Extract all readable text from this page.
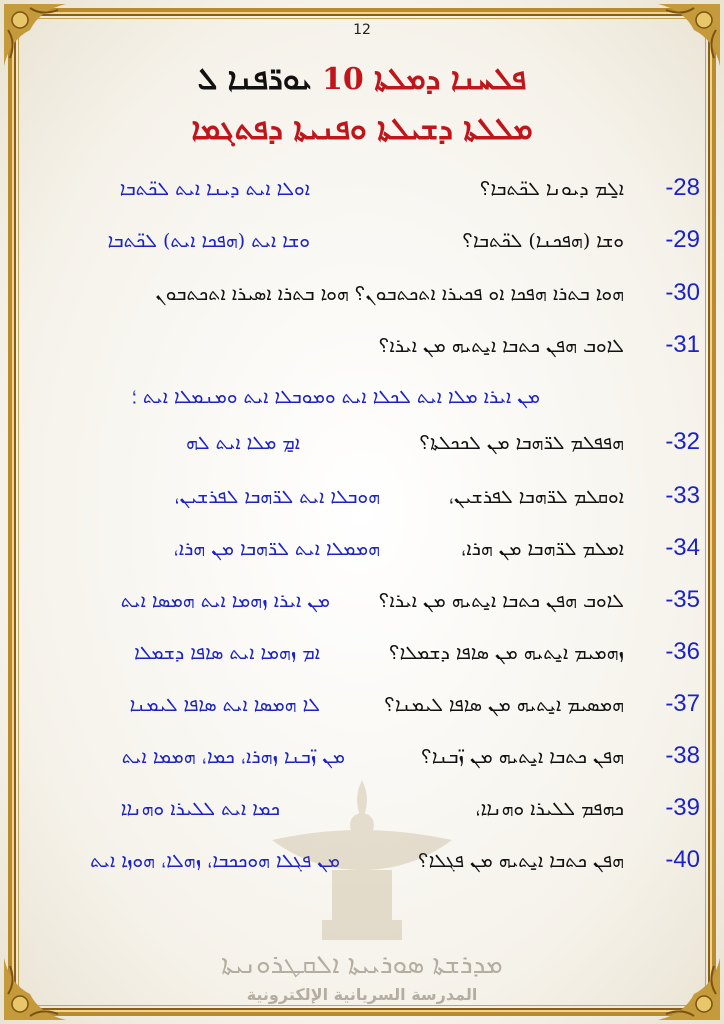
12
ܦܠܚܢܐ ܕܡܠܬܐ 10 ܝܘܪ̈ܦܢܐ ܠ
ܡܠܠܬܐ ܕܫܝܠܬܐ ܘܦܢܝܬܐ ܕܦܬܓܡܐ
-28
ܐ̱ܠܡ ܕܝܘܢܐ ܠܟ̈ܬܒܐ؟
ܐܘܠܐ ܐܝܬ ܕܝܢܐ ܐܝܬ ܠܟ̈ܬܒܐ
-29
ܘܫܐ (ܗܦܟܢܐ) ܠܟ̈ܬܒܐ؟
ܘܫܐ ܐܝܬ (ܗܦܟܐ ܐܝܬ) ܠܟ̈ܬܒܐ
-30
ܗܘܐ ܒܬܪܐ ܗܦܟܐ ܐܘ ܦܟܝܪܐ ܐܬܟܬܒܘܢ؟ ܗܘܐ ܒܬܪܐ ܐܣܝܪܐ ܐܬܟܬܒܘܢ
-31
ܠܐܘܒ ܗܦܢ ܟܬܒܐ ܐ̱ܝܬܝܗ ܡܢ ܐܝܪܐ؟
ܡܢ ܐܝܪܐ ܡܠܐ ܐܝܬ ܠܟܠܐ ܐܝܬ ܘܡܘܒܠܐ ܐܝܬ ܘܡܢܡܠܐ ܐܝܬ ؛
-32
ܗܦܦܠܡ ܠܪ̈ܗܒܐ ܡܢ ܠܟܟܠܬܐ؟
ܐ̱ܡ ܡܠܐ ܐܝܬ ܠܗ
-33
ܐܘܩܠܡ ܠܪ̈ܗܒܐ ܠܦܪܫܝܢ،
ܗܘܒܠܐ ܐܝܬ ܠܪ̈ܗܒܐ ܠܦܪܫܝܢ،
-34
ܐܡܠܡ ܠܪ̈ܗܒܐ ܡܢ ܗܪܐ،
ܗܡܡܠܐ ܐܝܬ ܠܪ̈ܗܒܐ ܡܢ ܗܪܐ،
-35
ܠܐܘܒ ܗܦܢ ܟܬܒܐ ܐ̱ܝܬܝܗ ܡܢ ܐܝܪܐ؟
ܡܢ ܐܝܪܐ ܙܗܡܐ ܐܝܬ ܗܡܣܐ ܐܝܬ
-36
ܙܗܡܝܡ ܐ̱ܝܬܝܗ ܡܢ ܣܐܦܐ ܕܫܡܠܐ؟
ܐܡ ܙܗܡܐ ܐܝܬ ܣܐܦܐ ܕܫܡܠܐ
-37
ܗܡܣܝܡ ܐ̱ܝܬܝܗ ܡܢ ܣܐܦܐ ܠܝܡܢܐ؟
ܠܐ ܗܡܣܐ ܐܝܬ ܣܐܦܐ ܠܝܡܢܐ
-38
ܗܦܢ ܟܬܒܐ ܐ̱ܝܬܝܗ ܡܢ ܙ̈ܒܢܐ؟
ܡܢ ܙ̈ܒܢܐ ܙܗܪܐ، ܟܡܐ، ܗܡܡܐ ܐܝܬ
-39
ܟܗܦܡ ܠܠܝܪܐ ܘܗܢܐܐ،
ܟܡܐ ܐܝܬ ܠܠܝܪܐ ܘܗܢܐܐ
-40
ܗܦܢ ܟܬܒܐ ܐ̱ܝܬܝܗ ܡܢ ܦܓܠܐ؟
ܡܢ ܦܓܠܐ ܗܘܟܟܒܐ، ܙܗܠܐ، ܗܘܙܐ ܐܝܬ
ܡܕܪܫܬܐ ܣܘܪܝܝܬܐ ܐܠܩܛܪܘܢܝܬܐ
المدرسة السريانية الإلكترونية
